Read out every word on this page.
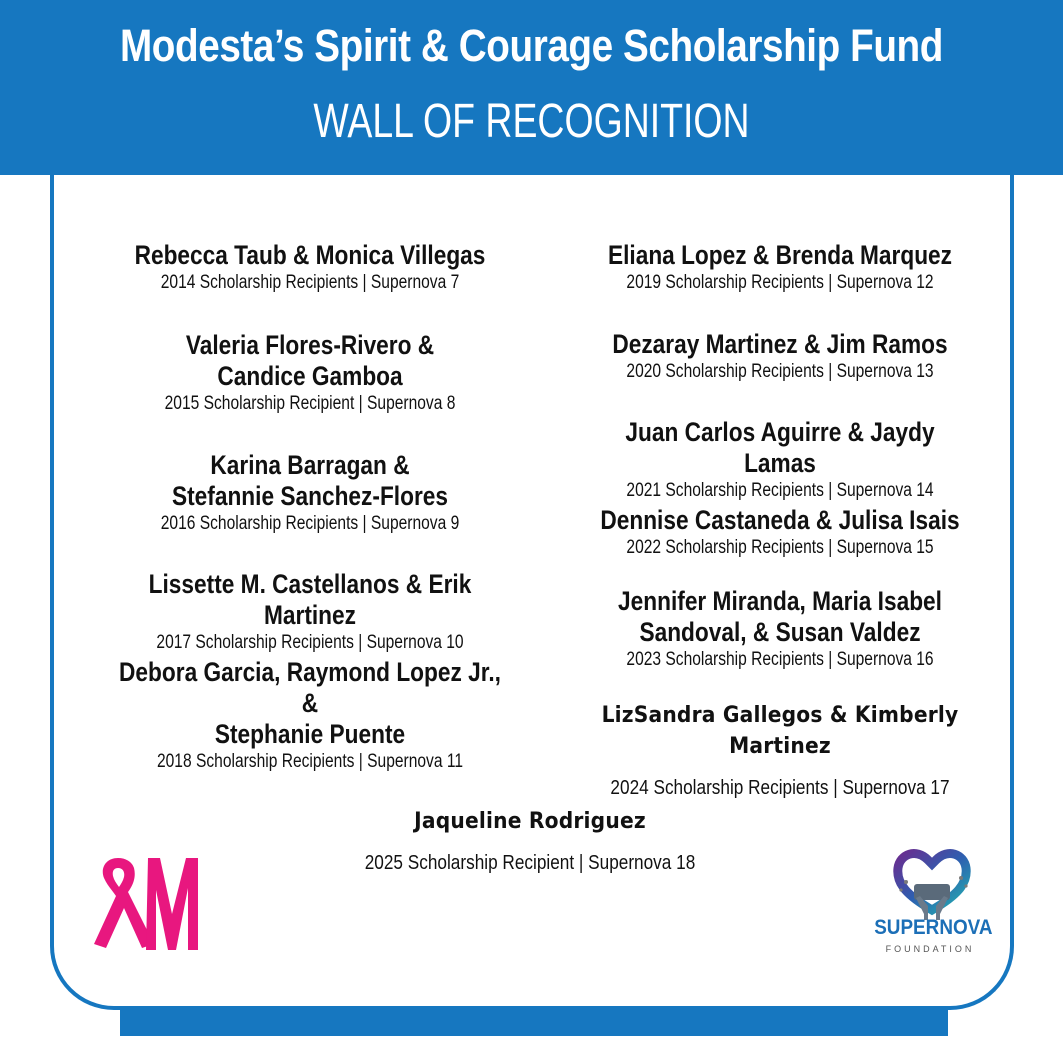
Modesta’s Spirit & Courage Scholarship Fund
WALL OF RECOGNITION
Rebecca Taub & Monica Villegas
2014 Scholarship Recipients | Supernova 7
Valeria Flores-Rivero &
Candice Gamboa
2015 Scholarship Recipient | Supernova 8
Karina Barragan &
Stefannie Sanchez-Flores
2016 Scholarship Recipients | Supernova 9
Lissette M. Castellanos & Erik Martinez
2017 Scholarship Recipients | Supernova 10
Debora Garcia, Raymond Lopez Jr., &
Stephanie Puente
2018 Scholarship Recipients | Supernova 11
Eliana Lopez & Brenda Marquez
2019 Scholarship Recipients | Supernova 12
Dezaray Martinez & Jim Ramos
2020 Scholarship Recipients | Supernova 13
Juan Carlos Aguirre & Jaydy Lamas
2021 Scholarship Recipients | Supernova 14
Dennise Castaneda & Julisa Isais
2022 Scholarship Recipients | Supernova 15
Jennifer Miranda, Maria Isabel
Sandoval, & Susan Valdez
2023 Scholarship Recipients | Supernova 16
LizSandra Gallegos & Kimberly Martinez
2024 Scholarship Recipients | Supernova 17
Jaqueline Rodriguez
2025 Scholarship Recipient | Supernova 18
SUPERNOVA
FOUNDATION
